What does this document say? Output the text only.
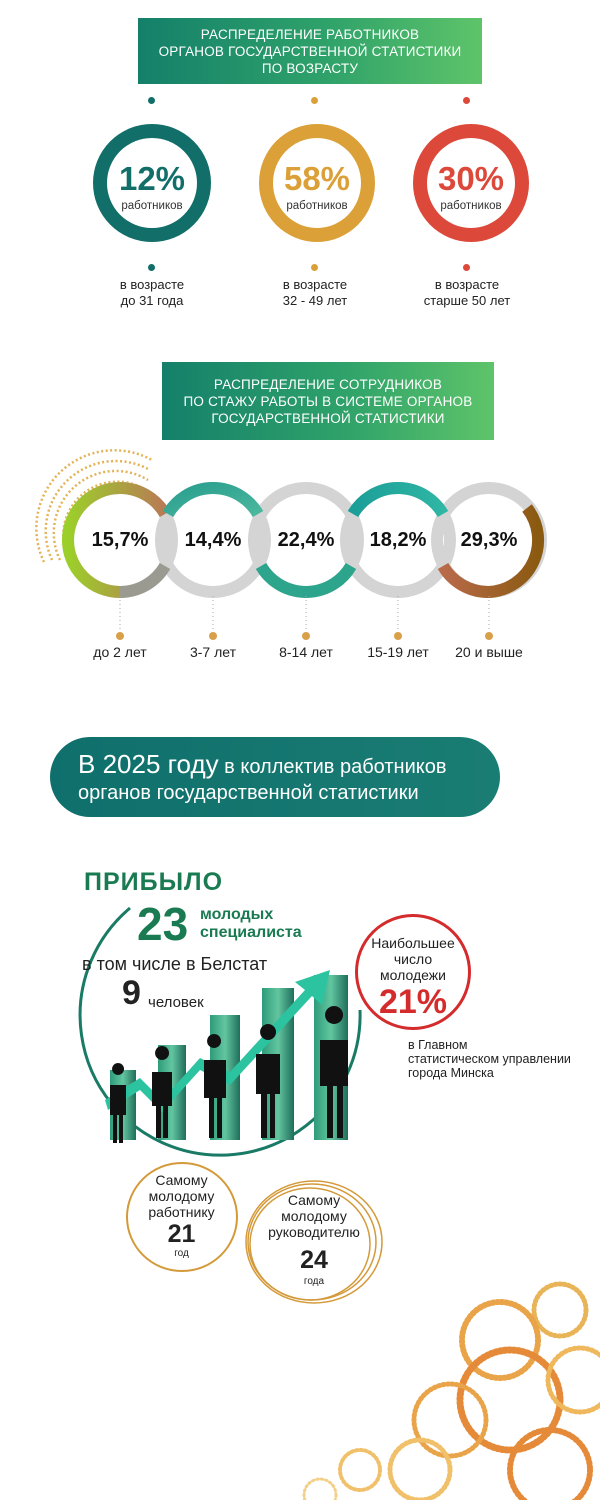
РАСПРЕДЕЛЕНИЕ РАБОТНИКОВ
ОРГАНОВ ГОСУДАРСТВЕННОЙ СТАТИСТИКИ
ПО ВОЗРАСТУ
12%
работников
в возрасте
до 31 года
58%
работников
в возрасте
32 - 49 лет
30%
работников
в возрасте
старше 50 лет
РАСПРЕДЕЛЕНИЕ СОТРУДНИКОВ
ПО СТАЖУ РАБОТЫ В СИСТЕМЕ ОРГАНОВ
ГОСУДАРСТВЕННОЙ СТАТИСТИКИ
15,7%	14,4%	22,4%	18,2%	29,3%
до 2 лет	3-7 лет	8-14 лет	15-19 лет	20 и выше
В 2025 году в коллектив работников
органов государственной статистики
ПРИБЫЛО
23 молодых
специалиста
в том числе в Белстат
9 человек
Наибольшее
число
молодежи
21%
в Главном
статистическом управлении
города Минска
Самому
молодому
работнику
21
год
Самому
молодому
руководителю
24
года
